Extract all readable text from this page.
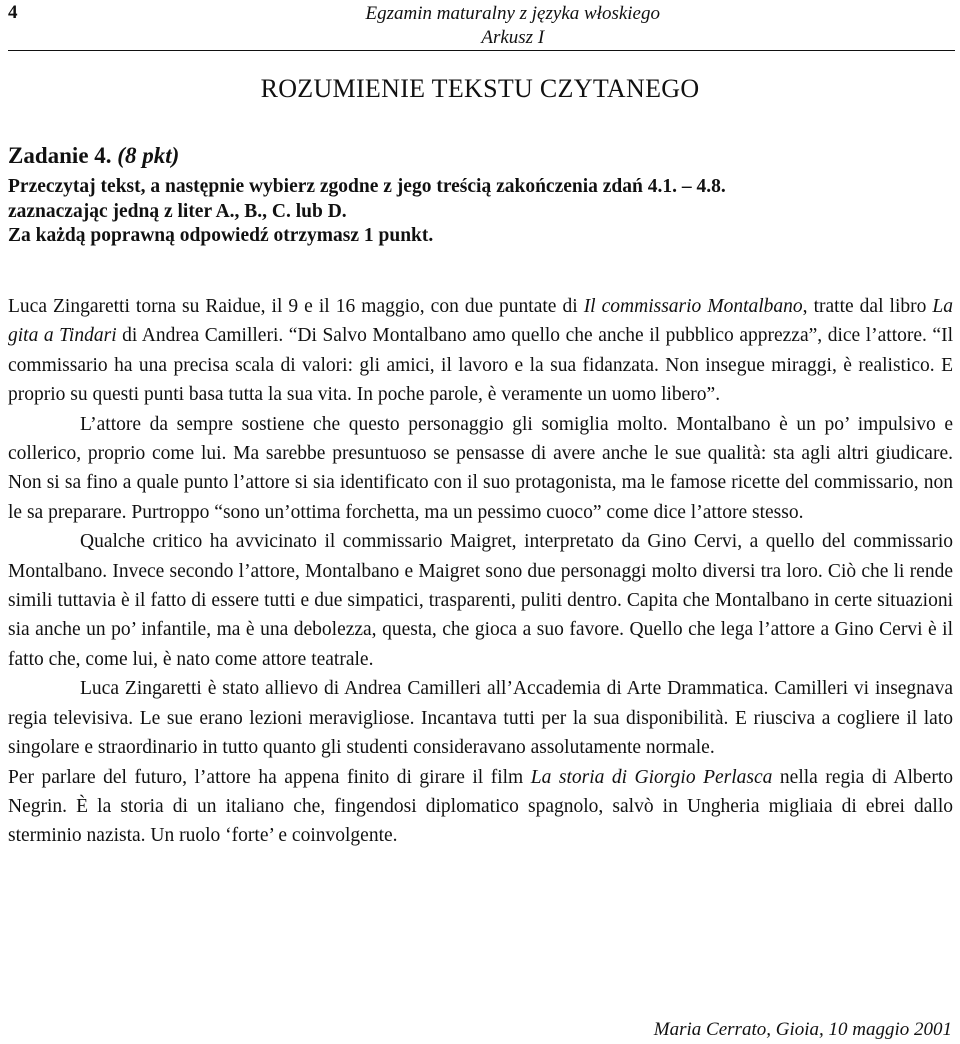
4	Egzamin maturalny z języka włoskiego
Arkusz I
ROZUMIENIE TEKSTU CZYTANEGO
Zadanie 4. (8 pkt)
Przeczytaj tekst, a następnie wybierz zgodne z jego treścią zakończenia zdań 4.1. – 4.8.
zaznaczając jedną z liter A., B., C. lub D.
Za każdą poprawną odpowiedź otrzymasz 1 punkt.

Luca Zingaretti torna su Raidue, il 9 e il 16 maggio, con due puntate di Il commissario Montalbano, tratte dal libro La gita a Tindari di Andrea Camilleri. “Di Salvo Montalbano amo quello che anche il pubblico apprezza”, dice l’attore. “Il commissario ha una precisa scala di valori: gli amici, il lavoro e la sua fidanzata. Non insegue miraggi, è realistico. E proprio su questi punti basa tutta la sua vita. In poche parole, è veramente un uomo libero”.

L’attore da sempre sostiene che questo personaggio gli somiglia molto. Montalbano è un po’ impulsivo e collerico, proprio come lui. Ma sarebbe presuntuoso se pensasse di avere anche le sue qualità: sta agli altri giudicare. Non si sa fino a quale punto l’attore si sia identificato con il suo protagonista, ma le famose ricette del commissario, non le sa preparare. Purtroppo “sono un’ottima forchetta, ma un pessimo cuoco” come dice l’attore stesso.

Qualche critico ha avvicinato il commissario Maigret, interpretato da Gino Cervi, a quello del commissario Montalbano. Invece secondo l’attore, Montalbano e Maigret sono due personaggi molto diversi tra loro. Ciò che li rende simili tuttavia è il fatto di essere tutti e due simpatici, trasparenti, puliti dentro. Capita che Montalbano in certe situazioni sia anche un po’ infantile, ma è una debolezza, questa, che gioca a suo favore. Quello che lega l’attore a Gino Cervi è il fatto che, come lui, è nato come attore teatrale.

Luca Zingaretti è stato allievo di Andrea Camilleri all’Accademia di Arte Drammatica. Camilleri vi insegnava regia televisiva. Le sue erano lezioni meravigliose. Incantava tutti per la sua disponibilità. E riusciva a cogliere il lato singolare e straordinario in tutto quanto gli studenti consideravano assolutamente normale.

Per parlare del futuro, l’attore ha appena finito di girare il film La storia di Giorgio Perlasca nella regia di Alberto Negrin. È la storia di un italiano che, fingendosi diplomatico spagnolo, salvò in Ungheria migliaia di ebrei dallo sterminio nazista. Un ruolo ‘forte’ e coinvolgente.

Maria Cerrato, Gioia, 10 maggio 2001
